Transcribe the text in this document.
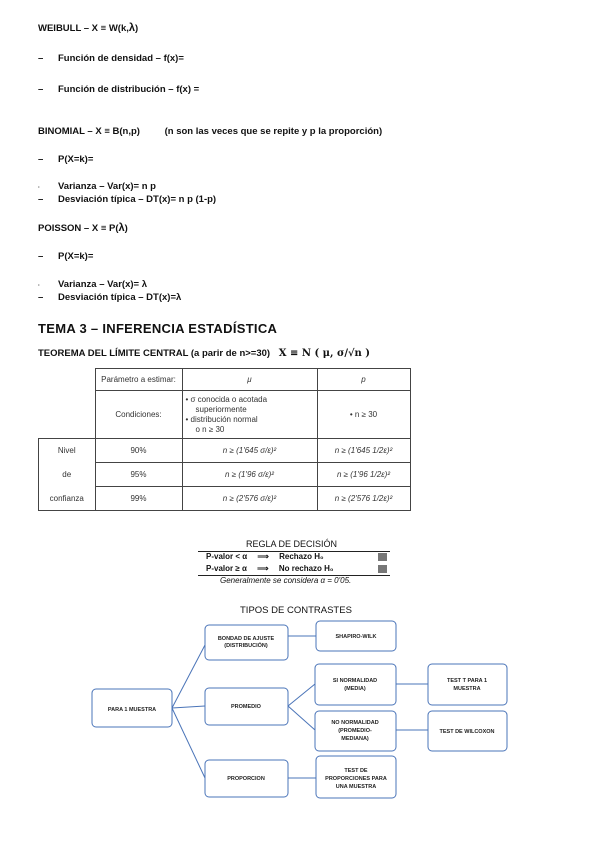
WEIBULL – X ≡ W(k,λ)
– Función de densidad – f(x)=
– Función de distribución – f(x) =
BINOMIAL – X ≡ B(n,p)	(n son las veces que se repite y p la proporción)
– P(X=k)=
· Varianza – Var(x)= n p
– Desviación típica – DT(x)= n p (1-p)
POISSON – X ≡ P(λ)
– P(X=k)=
· Varianza – Var(x)= λ
– Desviación típica – DT(x)=λ
TEMA 3 – INFERENCIA ESTADÍSTICA
TEOREMA DEL LÍMITE CENTRAL (a parir de n>=30) X ≡ N ( μ, σ/√n )
	Parámetro a estimar:	μ	p
	Condiciones:	• σ conocida o acotada
superiormente
• distribución normal
o n ≥ 30	• n ≥ 30
Nivel	90%	n ≥ (1'645 σ/ε)²	n ≥ (1'645 1/2ε)²
de	95%	n ≥ (1'96 σ/ε)²	n ≥ (1'96 1/2ε)²
confianza	99%	n ≥ (2'576 σ/ε)²	n ≥ (2'576 1/2ε)²
REGLA DE DECISIÓN
P-valor < α ⟹ Rechazo H₀
P-valor ≥ α ⟹ No rechazo H₀
Generalmente se considera α = 0'05.
TIPOS DE CONTRASTES
PARA 1 MUESTRA
BONDAD DE AJUSTE
(DISTRIBUCIÓN)
SHAPIRO-WILK
PROMEDIO
SI NORMALIDAD
(MEDIA)
TEST T PARA 1
MUESTRA
NO NORMALIDAD
(PROMEDIO-
MEDIANA)
TEST DE WILCOXON
PROPORCION
TEST DE
PROPORCIONES PARA
UNA MUESTRA
